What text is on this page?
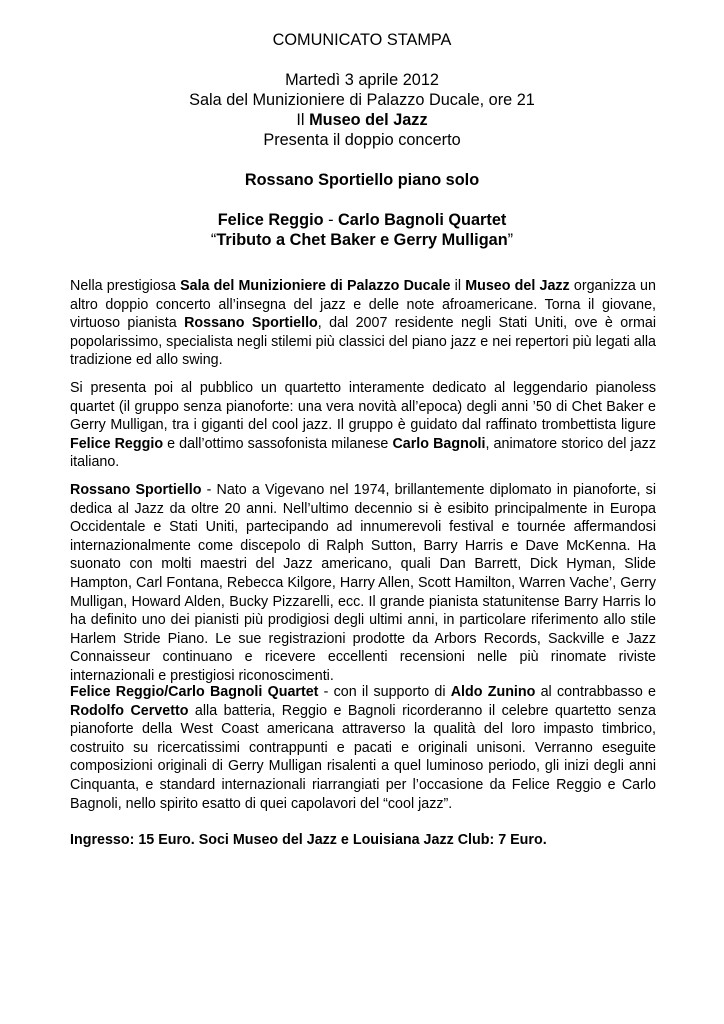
COMUNICATO STAMPA
Martedì 3 aprile 2012
Sala del Munizioniere di Palazzo Ducale, ore 21
Il Museo del Jazz
Presenta il doppio concerto
Rossano Sportiello piano solo
Felice Reggio - Carlo Bagnoli Quartet
“Tributo a Chet Baker e Gerry Mulligan”

Nella prestigiosa Sala del Munizioniere di Palazzo Ducale il Museo del Jazz organizza un altro doppio concerto all’insegna del jazz e delle note afroamericane. Torna il giovane, virtuoso pianista Rossano Sportiello, dal 2007 residente negli Stati Uniti, ove è ormai popolarissimo, specialista negli stilemi più classici del piano jazz e nei repertori più legati alla tradizione ed allo swing.

Si presenta poi al pubblico un quartetto interamente dedicato al leggendario pianoless quartet (il gruppo senza pianoforte: una vera novità all’epoca) degli anni ’50 di Chet Baker e Gerry Mulligan, tra i giganti del cool jazz. Il gruppo è guidato dal raffinato trombettista ligure Felice Reggio e dall’ottimo sassofonista milanese Carlo Bagnoli, animatore storico del jazz italiano.

Rossano Sportiello - Nato a Vigevano nel 1974, brillantemente diplomato in pianoforte, si dedica al Jazz da oltre 20 anni. Nell’ultimo decennio si è esibito principalmente in Europa Occidentale e Stati Uniti, partecipando ad innumerevoli festival e tournée affermandosi internazionalmente come discepolo di Ralph Sutton, Barry Harris e Dave McKenna. Ha suonato con molti maestri del Jazz americano, quali Dan Barrett, Dick Hyman, Slide Hampton, Carl Fontana, Rebecca Kilgore, Harry Allen, Scott Hamilton, Warren Vache’, Gerry Mulligan, Howard Alden, Bucky Pizzarelli, ecc. Il grande pianista statunitense Barry Harris lo ha definito uno dei pianisti più prodigiosi degli ultimi anni, in particolare riferimento allo stile Harlem Stride Piano. Le sue registrazioni prodotte da Arbors Records, Sackville e Jazz Connaisseur continuano e ricevere eccellenti recensioni nelle più rinomate riviste internazionali e prestigiosi riconoscimenti.

Felice Reggio/Carlo Bagnoli Quartet - con il supporto di Aldo Zunino al contrabbasso e Rodolfo Cervetto alla batteria, Reggio e Bagnoli ricorderanno il celebre quartetto senza pianoforte della West Coast americana attraverso la qualità del loro impasto timbrico, costruito su ricercatissimi contrappunti e pacati e originali unisoni. Verranno eseguite composizioni originali di Gerry Mulligan risalenti a quel luminoso periodo, gli inizi degli anni Cinquanta, e standard internazionali riarrangiati per l’occasione da Felice Reggio e Carlo Bagnoli, nello spirito esatto di quei capolavori del “cool jazz”.

Ingresso: 15 Euro. Soci Museo del Jazz e Louisiana Jazz Club: 7 Euro.
